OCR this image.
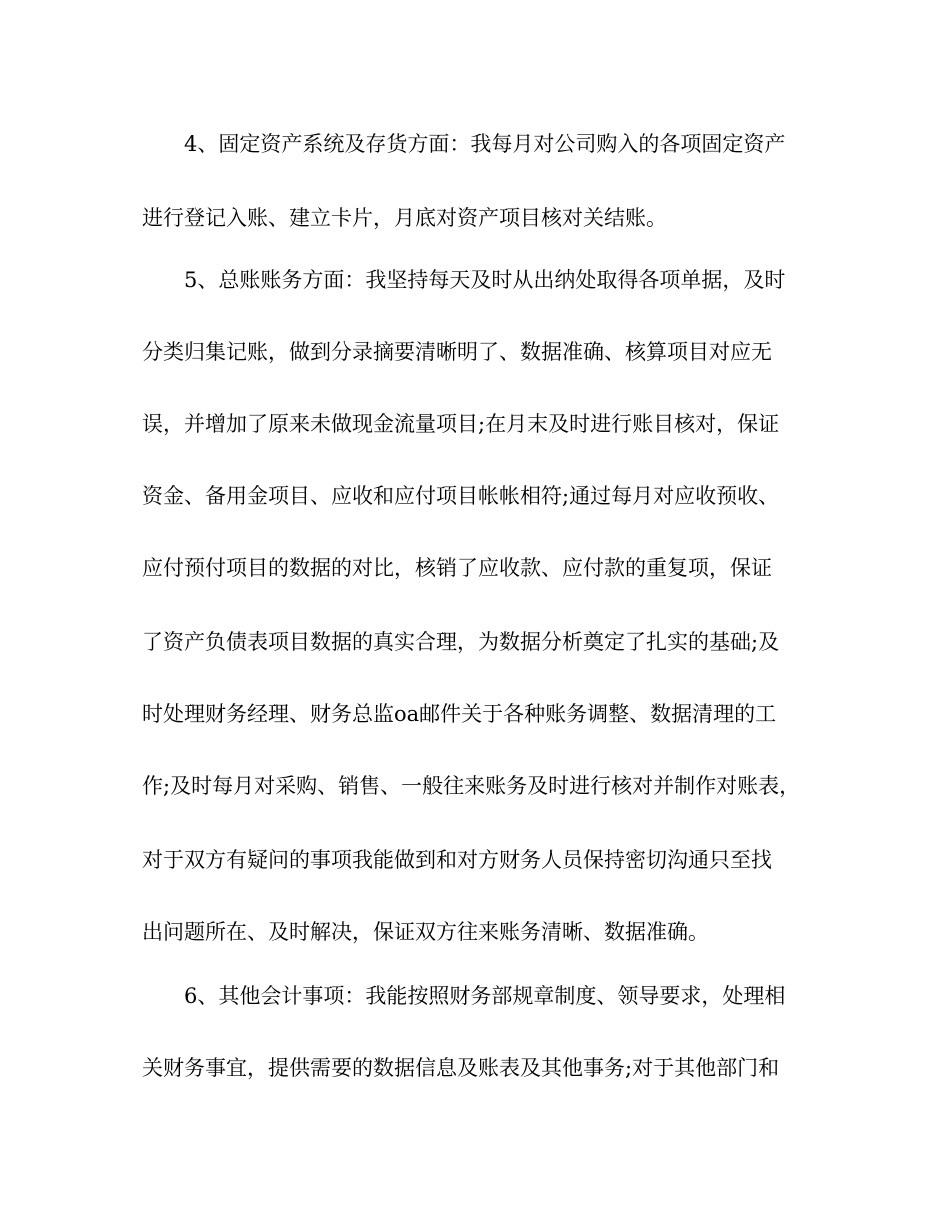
4、固定资产系统及存货方面：我每月对公司购入的各项固定资产
进行登记入账、建立卡片，月底对资产项目核对关结账。
5、总账账务方面：我坚持每天及时从出纳处取得各项单据，及时
分类归集记账，做到分录摘要清晰明了、数据准确、核算项目对应无
误，并增加了原来未做现金流量项目;在月末及时进行账目核对，保证
资金、备用金项目、应收和应付项目帐帐相符;通过每月对应收预收、
应付预付项目的数据的对比，核销了应收款、应付款的重复项，保证
了资产负债表项目数据的真实合理，为数据分析奠定了扎实的基础;及
时处理财务经理、财务总监oa邮件关于各种账务调整、数据清理的工
作;及时每月对采购、销售、一般往来账务及时进行核对并制作对账表，
对于双方有疑问的事项我能做到和对方财务人员保持密切沟通只至找
出问题所在、及时解决，保证双方往来账务清晰、数据准确。
6、其他会计事项：我能按照财务部规章制度、领导要求，处理相
关财务事宜，提供需要的数据信息及账表及其他事务;对于其他部门和
